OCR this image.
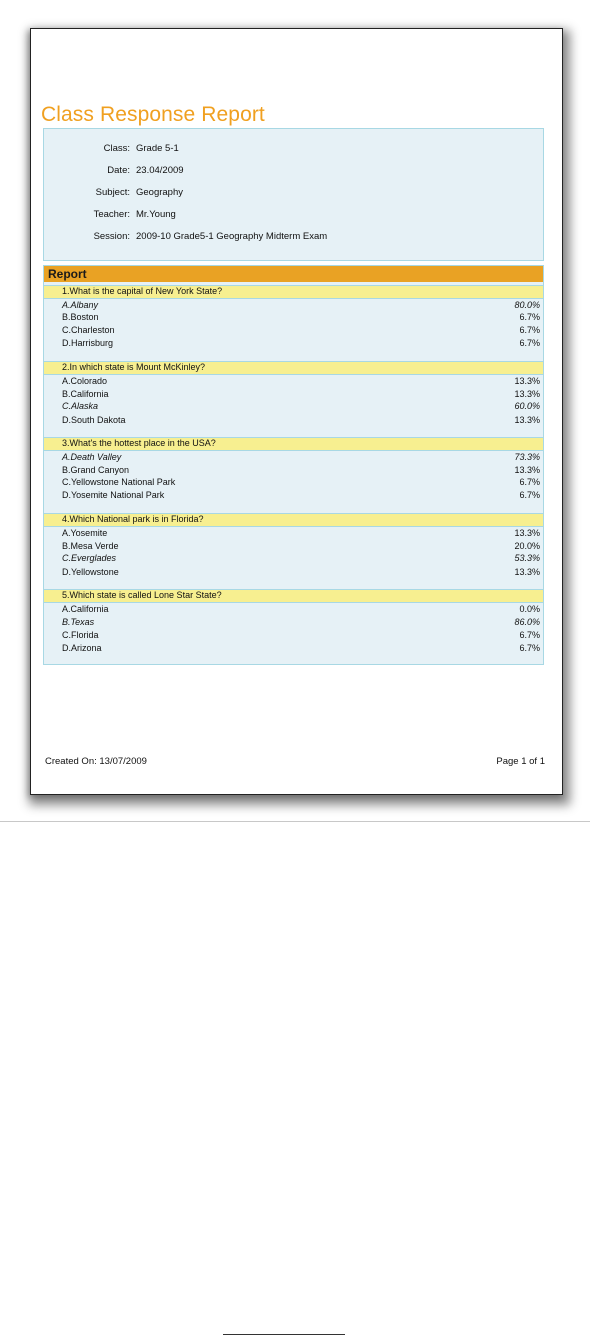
Class Response Report
Class: Grade 5-1
Date: 23.04/2009
Subject: Geography
Teacher: Mr.Young
Session: 2009-10 Grade5-1 Geography Midterm Exam
Report
1.What is the capital of New York State?
A.Albany	80.0%
B.Boston	6.7%
C.Charleston	6.7%
D.Harrisburg	6.7%
2.In which state is Mount McKinley?
A.Colorado	13.3%
B.California	13.3%
C.Alaska	60.0%
D.South Dakota	13.3%
3.What's the hottest place in the USA?
A.Death Valley	73.3%
B.Grand Canyon	13.3%
C.Yellowstone National Park	6.7%
D.Yosemite National Park	6.7%
4.Which National park is in Florida?
A.Yosemite	13.3%
B.Mesa Verde	20.0%
C.Everglades	53.3%
D.Yellowstone	13.3%
5.Which state is called Lone Star State?
A.California	0.0%
B.Texas	86.0%
C.Florida	6.7%
D.Arizona	6.7%
Created On: 13/07/2009	Page 1 of 1
